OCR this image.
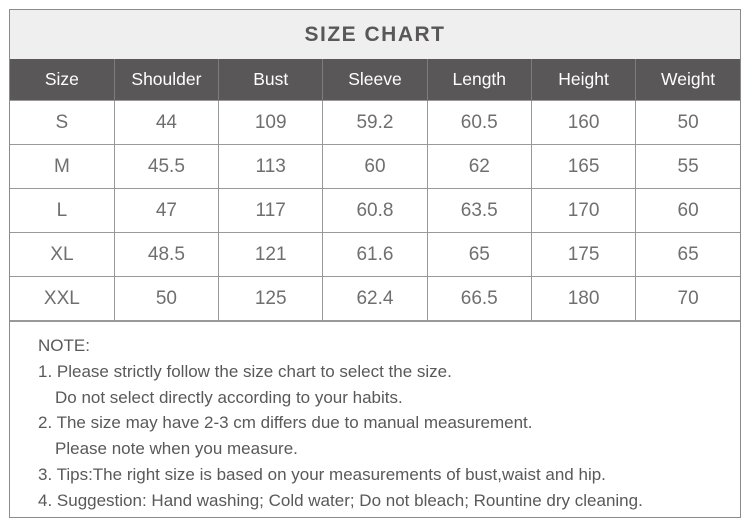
SIZE CHART
Size	Shoulder	Bust	Sleeve	Length	Height	Weight
S	44	109	59.2	60.5	160	50
M	45.5	113	60	62	165	55
L	47	117	60.8	63.5	170	60
XL	48.5	121	61.6	65	175	65
XXL	50	125	62.4	66.5	180	70
NOTE:
1. Please strictly follow the size chart to select the size.
Do not select directly according to your habits.
2. The size may have 2-3 cm differs due to manual measurement.
Please note when you measure.
3. Tips:The right size is based on your measurements of bust,waist and hip.
4. Suggestion: Hand washing; Cold water; Do not bleach; Rountine dry cleaning.
